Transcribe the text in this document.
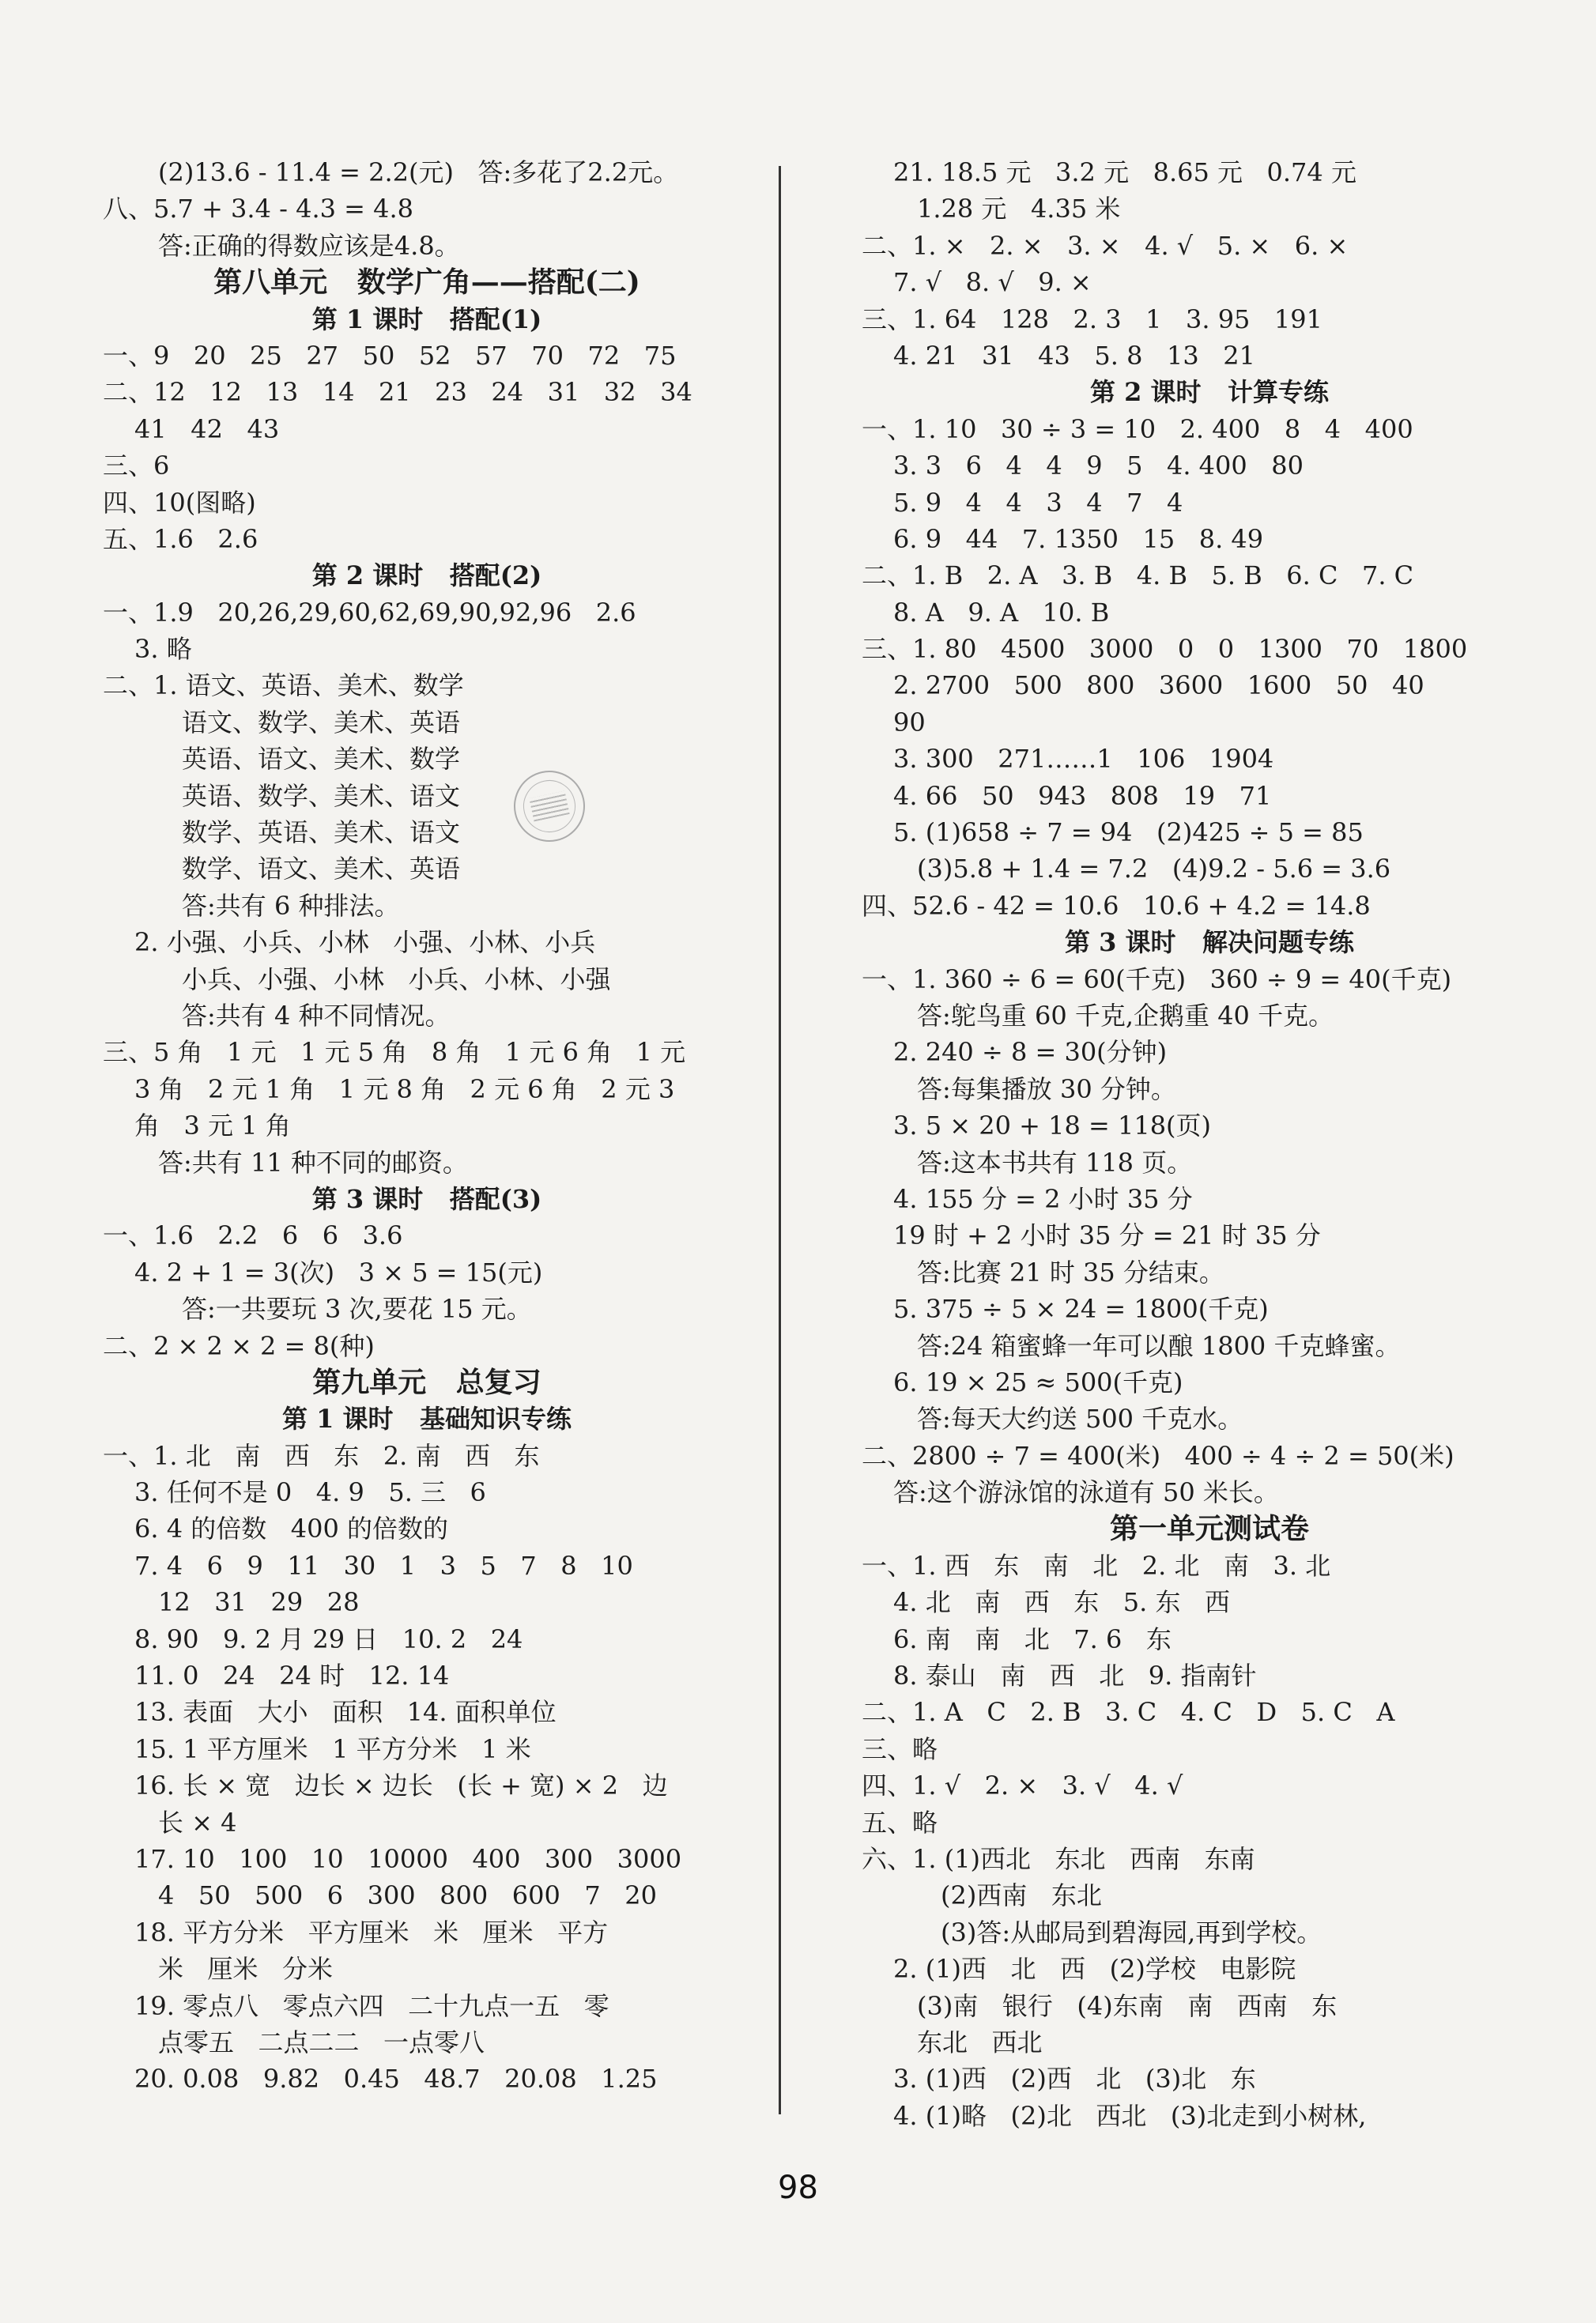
(2)13.6 - 11.4 = 2.2(元)   答:多花了2.2元。
八、5.7 + 3.4 - 4.3 = 4.8
答:正确的得数应该是4.8。
第八单元   数学广角——搭配(二)
第 1 课时   搭配(1)
一、9   20   25   27   50   52   57   70   72   75
二、12   12   13   14   21   23   24   31   32   34
41   42   43
三、6
四、10(图略)
五、1.6   2.6
第 2 课时   搭配(2)
一、1.9   20,26,29,60,62,69,90,92,96   2.6
3. 略
二、1. 语文、英语、美术、数学
语文、数学、美术、英语
英语、语文、美术、数学
英语、数学、美术、语文
数学、英语、美术、语文
数学、语文、美术、英语
答:共有 6 种排法。
2. 小强、小兵、小林   小强、小林、小兵
小兵、小强、小林   小兵、小林、小强
答:共有 4 种不同情况。
三、5 角   1 元   1 元 5 角   8 角   1 元 6 角   1 元
3 角   2 元 1 角   1 元 8 角   2 元 6 角   2 元 3
角   3 元 1 角
答:共有 11 种不同的邮资。
第 3 课时   搭配(3)
一、1.6   2.2   6   6   3.6
4. 2 + 1 = 3(次)   3 × 5 = 15(元)
答:一共要玩 3 次,要花 15 元。
二、2 × 2 × 2 = 8(种)
第九单元   总复习
第 1 课时   基础知识专练
一、1. 北   南   西   东   2. 南   西   东
3. 任何不是 0   4. 9   5. 三   6
6. 4 的倍数   400 的倍数的
7. 4   6   9   11   30   1   3   5   7   8   10
12   31   29   28
8. 90   9. 2 月 29 日   10. 2   24
11. 0   24   24 时   12. 14
13. 表面   大小   面积   14. 面积单位
15. 1 平方厘米   1 平方分米   1 米
16. 长 × 宽   边长 × 边长   (长 + 宽) × 2   边
长 × 4
17. 10   100   10   10000   400   300   3000
4   50   500   6   300   800   600   7   20
18. 平方分米   平方厘米   米   厘米   平方
米   厘米   分米
19. 零点八   零点六四   二十九点一五   零
点零五   二点二二   一点零八
20. 0.08   9.82   0.45   48.7   20.08   1.25
21. 18.5 元   3.2 元   8.65 元   0.74 元
1.28 元   4.35 米
二、1. ×   2. ×   3. ×   4. √   5. ×   6. ×
7. √   8. √   9. ×
三、1. 64   128   2. 3   1   3. 95   191
4. 21   31   43   5. 8   13   21
第 2 课时   计算专练
一、1. 10   30 ÷ 3 = 10   2. 400   8   4   400
3. 3   6   4   4   9   5   4. 400   80
5. 9   4   4   3   4   7   4
6. 9   44   7. 1350   15   8. 49
二、1. B   2. A   3. B   4. B   5. B   6. C   7. C
8. A   9. A   10. B
三、1. 80   4500   3000   0   0   1300   70   1800
2. 2700   500   800   3600   1600   50   40
90
3. 300   271……1   106   1904
4. 66   50   943   808   19   71
5. (1)658 ÷ 7 = 94   (2)425 ÷ 5 = 85
(3)5.8 + 1.4 = 7.2   (4)9.2 - 5.6 = 3.6
四、52.6 - 42 = 10.6   10.6 + 4.2 = 14.8
第 3 课时   解决问题专练
一、1. 360 ÷ 6 = 60(千克)   360 ÷ 9 = 40(千克)
答:鸵鸟重 60 千克,企鹅重 40 千克。
2. 240 ÷ 8 = 30(分钟)
答:每集播放 30 分钟。
3. 5 × 20 + 18 = 118(页)
答:这本书共有 118 页。
4. 155 分 = 2 小时 35 分
19 时 + 2 小时 35 分 = 21 时 35 分
答:比赛 21 时 35 分结束。
5. 375 ÷ 5 × 24 = 1800(千克)
答:24 箱蜜蜂一年可以酿 1800 千克蜂蜜。
6. 19 × 25 ≈ 500(千克)
答:每天大约送 500 千克水。
二、2800 ÷ 7 = 400(米)   400 ÷ 4 ÷ 2 = 50(米)
答:这个游泳馆的泳道有 50 米长。
第一单元测试卷
一、1. 西   东   南   北   2. 北   南   3. 北
4. 北   南   西   东   5. 东   西
6. 南   南   北   7. 6   东
8. 泰山   南   西   北   9. 指南针
二、1. A   C   2. B   3. C   4. C   D   5. C   A
三、略
四、1. √   2. ×   3. √   4. √
五、略
六、1. (1)西北   东北   西南   东南
(2)西南   东北
(3)答:从邮局到碧海园,再到学校。
2. (1)西   北   西   (2)学校   电影院
(3)南   银行   (4)东南   南   西南   东
东北   西北
3. (1)西   (2)西   北   (3)北   东
4. (1)略   (2)北   西北   (3)北走到小树林,
98
